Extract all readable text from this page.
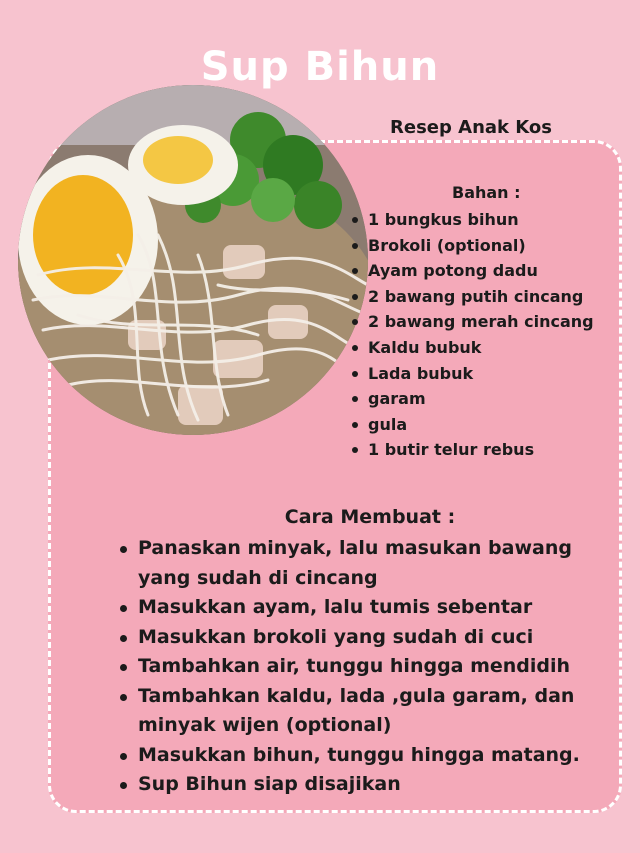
Sup Bihun
Resep Anak Kos
Bahan :
1 bungkus bihun
Brokoli (optional)
Ayam potong dadu
2 bawang putih cincang
2 bawang merah cincang
Kaldu bubuk
Lada bubuk
garam
gula
1 butir telur rebus
Cara Membuat :
Panaskan minyak, lalu masukan bawang yang sudah di cincang
Masukkan ayam, lalu tumis sebentar
Masukkan brokoli yang sudah di cuci
Tambahkan air, tunggu hingga mendidih
Tambahkan kaldu, lada ,gula garam, dan minyak wijen (optional)
Masukkan bihun, tunggu hingga matang.
Sup Bihun siap disajikan
